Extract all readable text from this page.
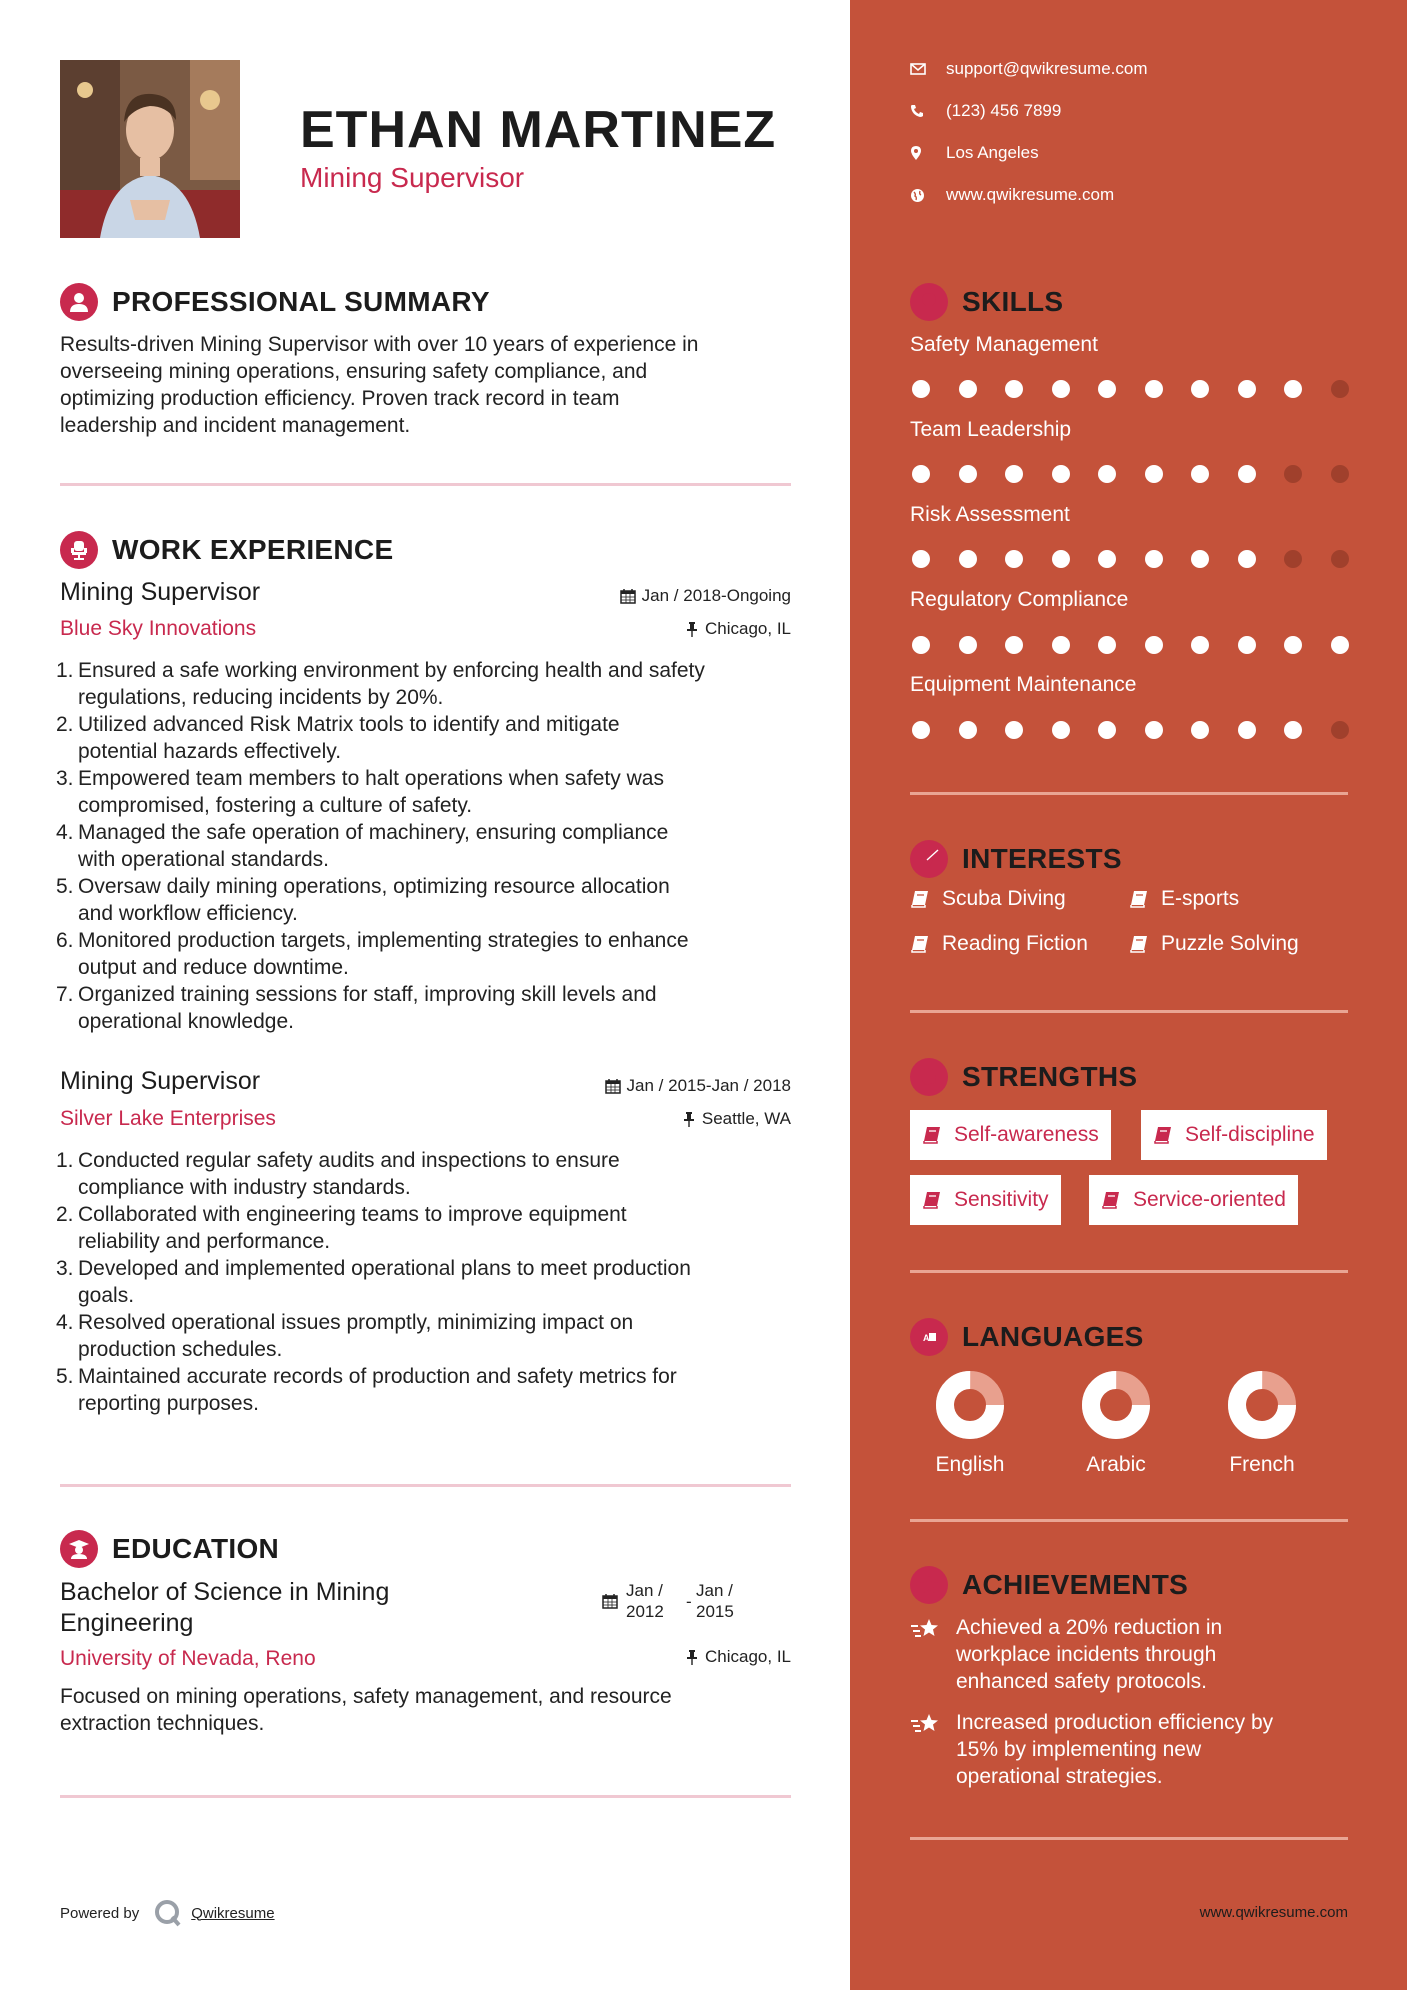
ETHAN MARTINEZ
Mining Supervisor
PROFESSIONAL SUMMARY
Results-driven Mining Supervisor with over 10 years of experience in
overseeing mining operations, ensuring safety compliance, and
optimizing production efficiency. Proven track record in team
leadership and incident management.
WORK EXPERIENCE
Mining Supervisor	Jan / 2018-Ongoing
Blue Sky Innovations	Chicago, IL
1. Ensured a safe working environment by enforcing health and safety
regulations, reducing incidents by 20%.
2. Utilized advanced Risk Matrix tools to identify and mitigate
potential hazards effectively.
3. Empowered team members to halt operations when safety was
compromised, fostering a culture of safety.
4. Managed the safe operation of machinery, ensuring compliance
with operational standards.
5. Oversaw daily mining operations, optimizing resource allocation
and workflow efficiency.
6. Monitored production targets, implementing strategies to enhance
output and reduce downtime.
7. Organized training sessions for staff, improving skill levels and
operational knowledge.
Mining Supervisor	Jan / 2015-Jan / 2018
Silver Lake Enterprises	Seattle, WA
1. Conducted regular safety audits and inspections to ensure
compliance with industry standards.
2. Collaborated with engineering teams to improve equipment
reliability and performance.
3. Developed and implemented operational plans to meet production
goals.
4. Resolved operational issues promptly, minimizing impact on
production schedules.
5. Maintained accurate records of production and safety metrics for
reporting purposes.
EDUCATION
Bachelor of Science in Mining
Engineering
Jan /
2012
-
Jan /
2015
University of Nevada, Reno	Chicago, IL
Focused on mining operations, safety management, and resource
extraction techniques.
Powered by	Qwikresume
support@qwikresume.com
(123) 456 7899
Los Angeles
www.qwikresume.com
SKILLS
Safety Management
Team Leadership
Risk Assessment
Regulatory Compliance
Equipment Maintenance
INTERESTS
Scuba Diving	E-sports
Reading Fiction	Puzzle Solving
STRENGTHS
Self-awareness	Self-discipline
Sensitivity	Service-oriented
A LANGUAGES
English	Arabic	French
ACHIEVEMENTS
Achieved a 20% reduction in
workplace incidents through
enhanced safety protocols.
Increased production efficiency by
15% by implementing new
operational strategies.
www.qwikresume.com
